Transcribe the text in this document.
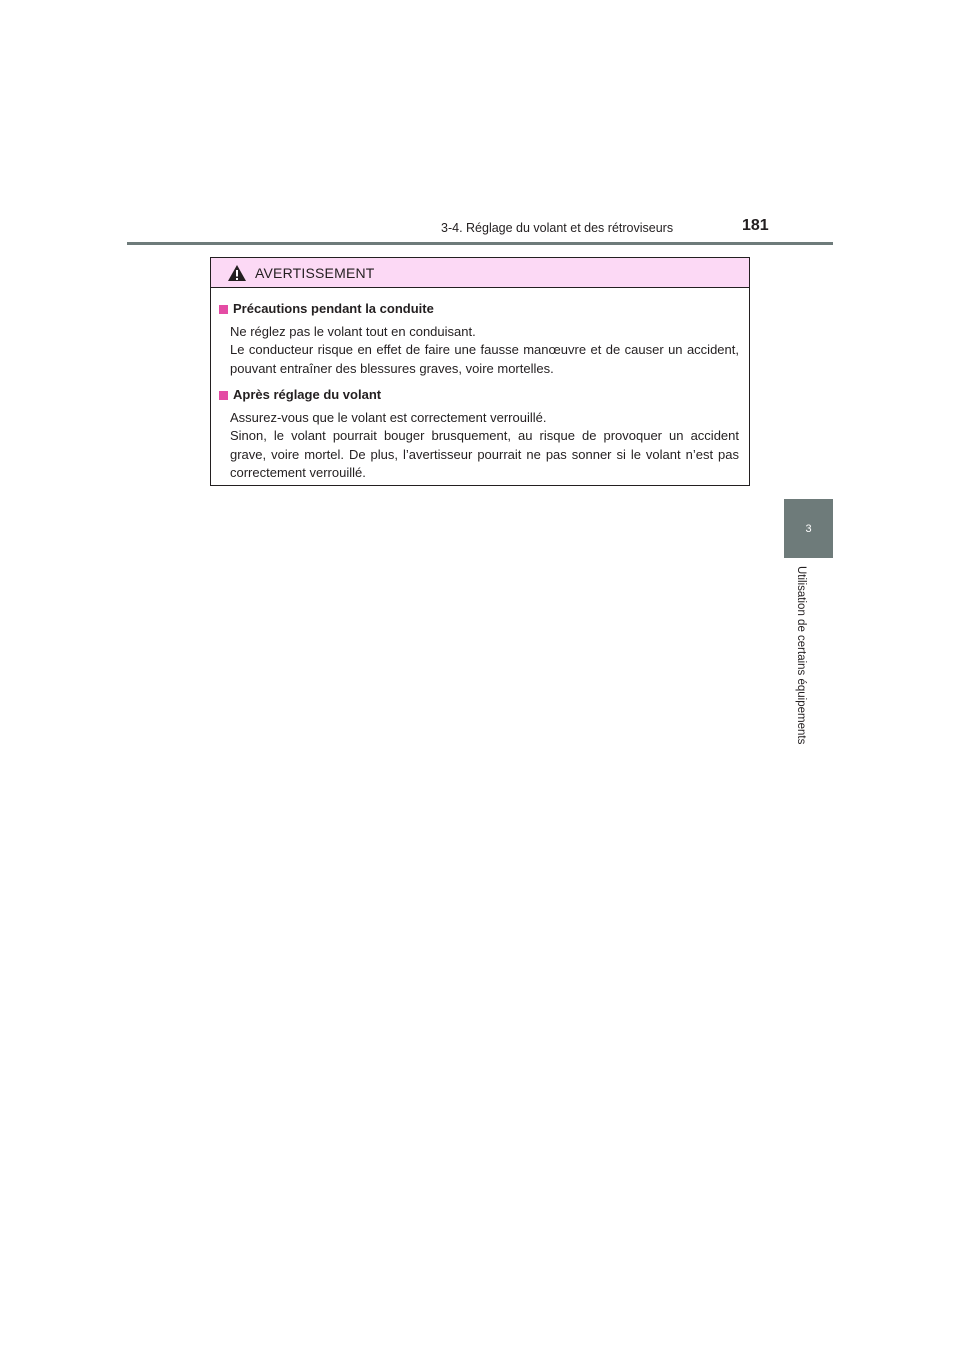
3-4. Réglage du volant et des rétroviseurs	181
3
Utilisation de certains équipements
AVERTISSEMENT
Précautions pendant la conduite

Ne réglez pas le volant tout en conduisant.

Le conducteur risque en effet de faire une fausse manœuvre et de causer un accident, pouvant entraîner des blessures graves, voire mortelles.

Après réglage du volant

Assurez-vous que le volant est correctement verrouillé.

Sinon, le volant pourrait bouger brusquement, au risque de provoquer un accident grave, voire mortel. De plus, l’avertisseur pourrait ne pas sonner si le volant n’est pas correctement verrouillé.
